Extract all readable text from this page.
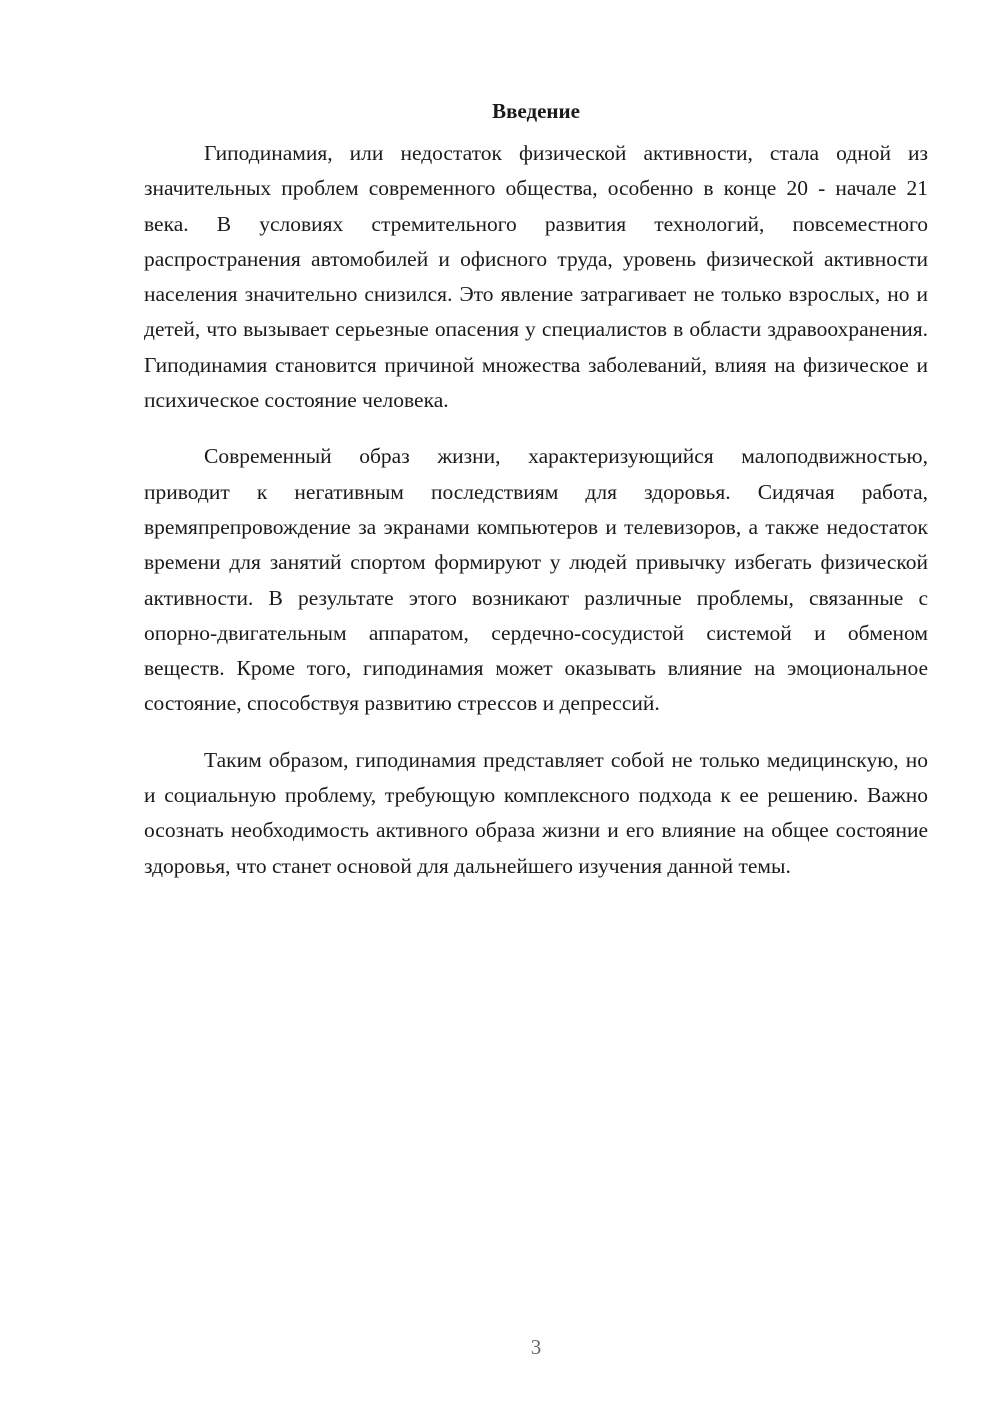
Введение

Гиподинамия, или недостаток физической активности, стала одной из значительных проблем современного общества, особенно в конце 20 - начале 21 века. В условиях стремительного развития технологий, повсеместного распространения автомобилей и офисного труда, уровень физической активности населения значительно снизился. Это явление затрагивает не только взрослых, но и детей, что вызывает серьезные опасения у специалистов в области здравоохранения. Гиподинамия становится причиной множества заболеваний, влияя на физическое и психическое состояние человека.

Современный образ жизни, характеризующийся малоподвижностью, приводит к негативным последствиям для здоровья. Сидячая работа, времяпрепровождение за экранами компьютеров и телевизоров, а также недостаток времени для занятий спортом формируют у людей привычку избегать физической активности. В результате этого возникают различные проблемы, связанные с опорно-двигательным аппаратом, сердечно-сосудистой системой и обменом веществ. Кроме того, гиподинамия может оказывать влияние на эмоциональное состояние, способствуя развитию стрессов и депрессий.

Таким образом, гиподинамия представляет собой не только медицинскую, но и социальную проблему, требующую комплексного подхода к ее решению. Важно осознать необходимость активного образа жизни и его влияние на общее состояние здоровья, что станет основой для дальнейшего изучения данной темы.

3
